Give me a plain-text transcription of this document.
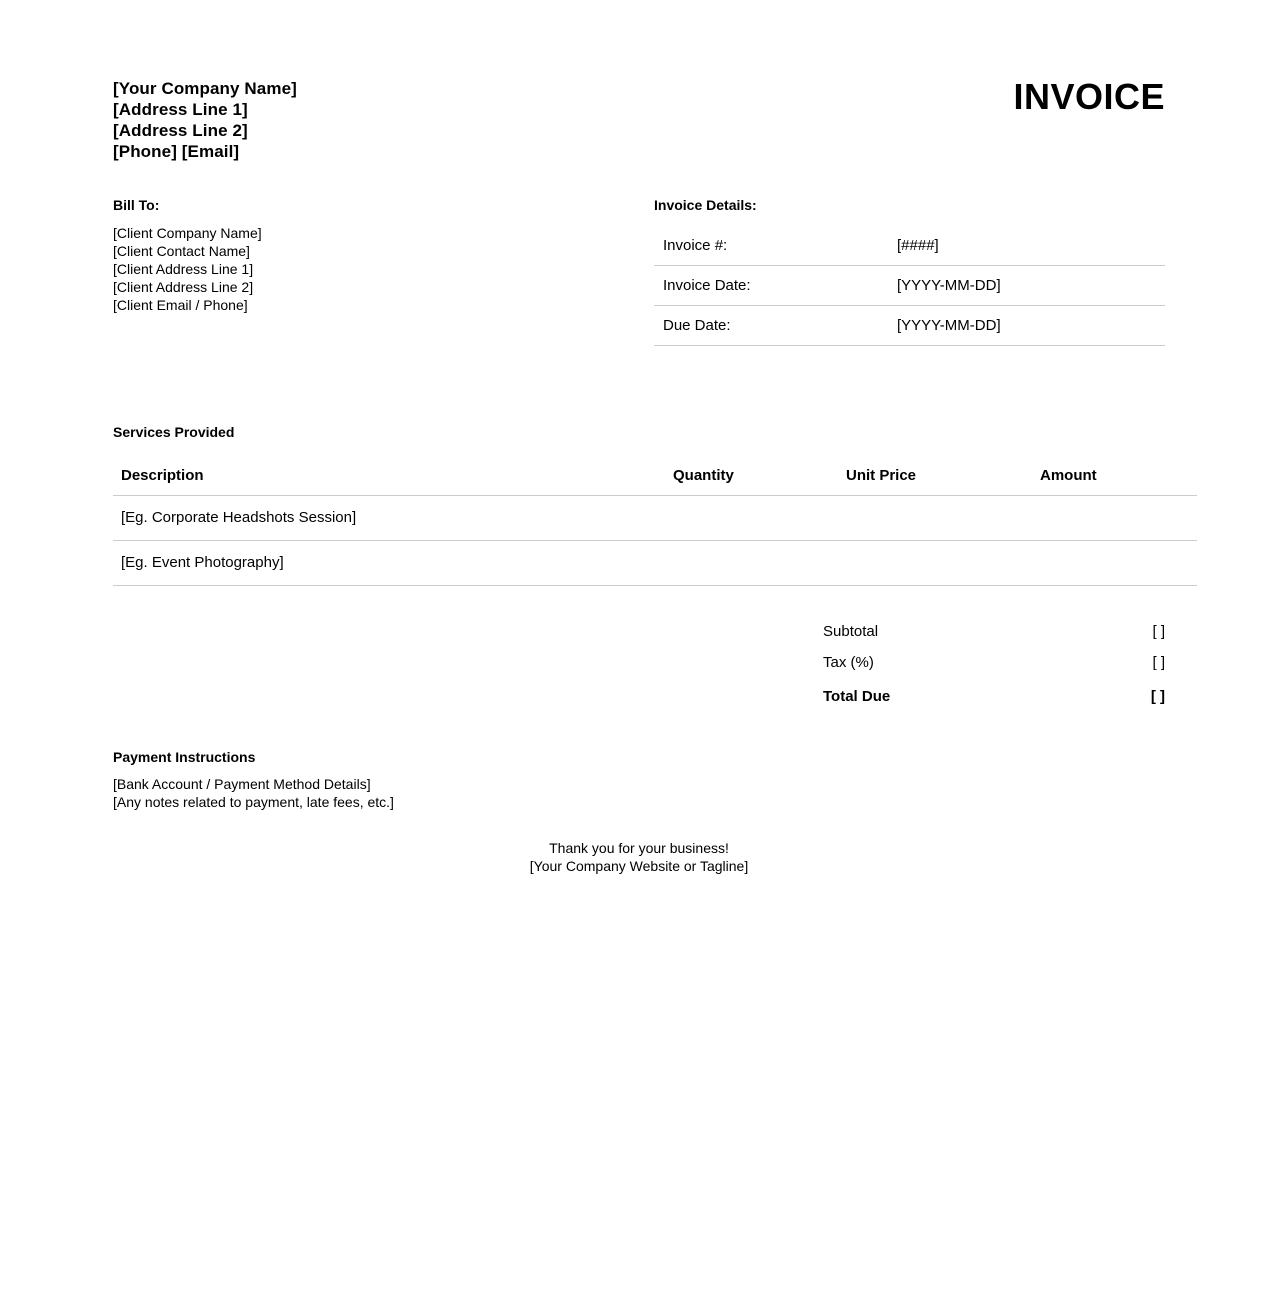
[Your Company Name]
[Address Line 1]
[Address Line 2]
[Phone] [Email]
INVOICE
Bill To:
[Client Company Name]
[Client Contact Name]
[Client Address Line 1]
[Client Address Line 2]
[Client Email / Phone]
Invoice Details:
Invoice #:	[####]
Invoice Date:	[YYYY-MM-DD]
Due Date:	[YYYY-MM-DD]
Services Provided
Description	Quantity	Unit Price	Amount
[Eg. Corporate Headshots Session]			
[Eg. Event Photography]			
Subtotal	[ ]
Tax (%)	[ ]
Total Due	[ ]
Payment Instructions
[Bank Account / Payment Method Details]
[Any notes related to payment, late fees, etc.]
Thank you for your business!
[Your Company Website or Tagline]
